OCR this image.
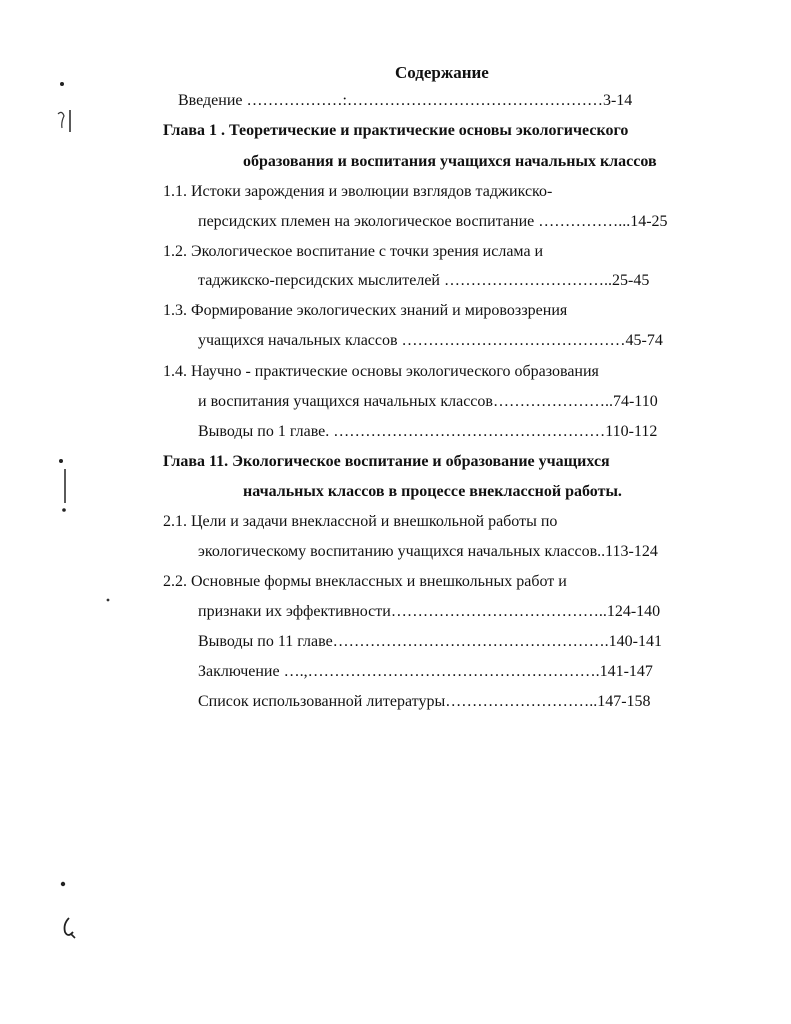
Содержание
Введение ………………:…………………………………………3-14
Глава 1 . Теоретические и практические основы экологического
образования и воспитания учащихся начальных классов
1.1. Истоки зарождения и эволюции взглядов таджикско-
персидских племен на экологическое воспитание ……………...14-25
1.2. Экологическое воспитание с точки зрения ислама и
таджикско-персидских мыслителей …………………………..25-45
1.3. Формирование экологических знаний и мировоззрения
учащихся начальных классов ……………………………………45-74
1.4. Научно - практические основы экологического образования
и воспитания учащихся начальных классов…………………..74-110
Выводы по 1 главе. ……………………………………………110-112
Глава 11. Экологическое воспитание и образование учащихся
начальных классов в процессе внеклассной работы.
2.1. Цели и задачи внеклассной и внешкольной работы по
экологическому воспитанию учащихся начальных классов..113-124
2.2. Основные формы внеклассных и внешкольных работ и
признаки их эффективности…………………………………..124-140
Выводы по 11 главе…………………………………………….140-141
Заключение ….,……………………………………………….141-147
Список использованной литературы………………………..147-158
